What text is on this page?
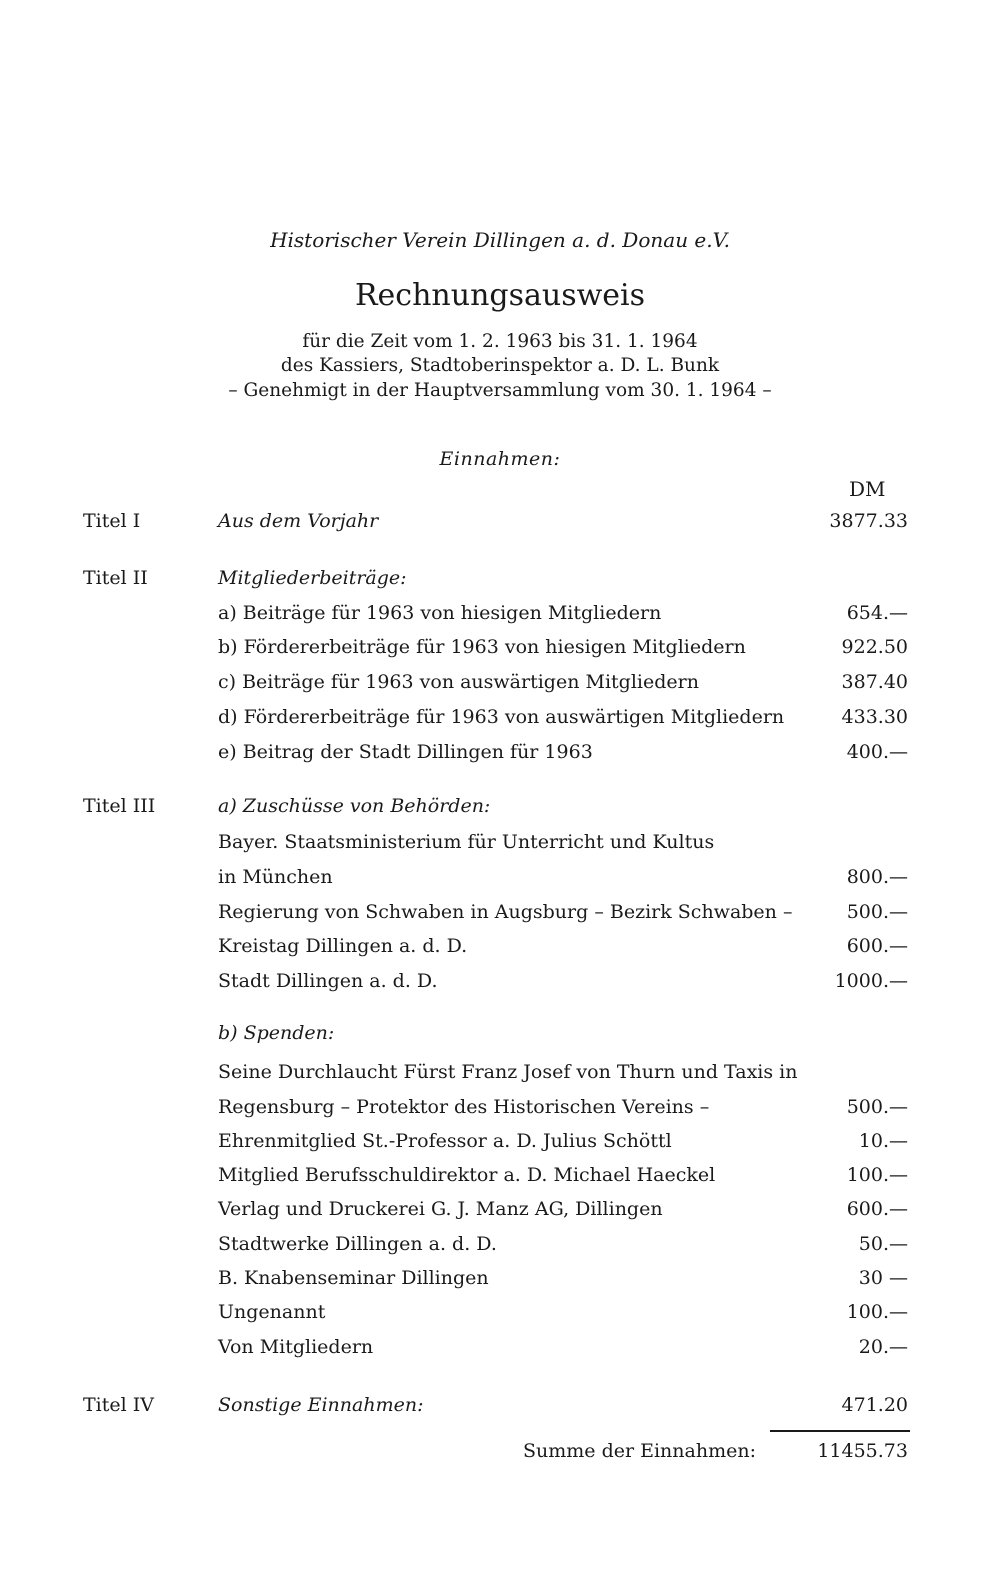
Historischer Verein Dillingen a. d. Donau e.V.
Rechnungsausweis
für die Zeit vom 1. 2. 1963 bis 31. 1. 1964
des Kassiers, Stadtoberinspektor a. D. L. Bunk
– Genehmigt in der Hauptversammlung vom 30. 1. 1964 –
Einnahmen:
DM
Titel I	Aus dem Vorjahr	3877.33
Titel II	Mitgliederbeiträge:
a) Beiträge für 1963 von hiesigen Mitgliedern	654.—
b) Fördererbeiträge für 1963 von hiesigen Mitgliedern	922.50
c) Beiträge für 1963 von auswärtigen Mitgliedern	387.40
d) Fördererbeiträge für 1963 von auswärtigen Mitgliedern	433.30
e) Beitrag der Stadt Dillingen für 1963	400.—
Titel III	a) Zuschüsse von Behörden:
Bayer. Staatsministerium für Unterricht und Kultus
in München	800.—
Regierung von Schwaben in Augsburg – Bezirk Schwaben –	500.—
Kreistag Dillingen a. d. D.	600.—
Stadt Dillingen a. d. D.	1000.—
b) Spenden:
Seine Durchlaucht Fürst Franz Josef von Thurn und Taxis in
Regensburg – Protektor des Historischen Vereins –	500.—
Ehrenmitglied St.-Professor a. D. Julius Schöttl	10.—
Mitglied Berufsschuldirektor a. D. Michael Haeckel	100.—
Verlag und Druckerei G. J. Manz AG, Dillingen	600.—
Stadtwerke Dillingen a. d. D.	50.—
B. Knabenseminar Dillingen	30 —
Ungenannt	100.—
Von Mitgliedern	20.—
Titel IV	Sonstige Einnahmen:	471.20
Summe der Einnahmen:	11455.73
